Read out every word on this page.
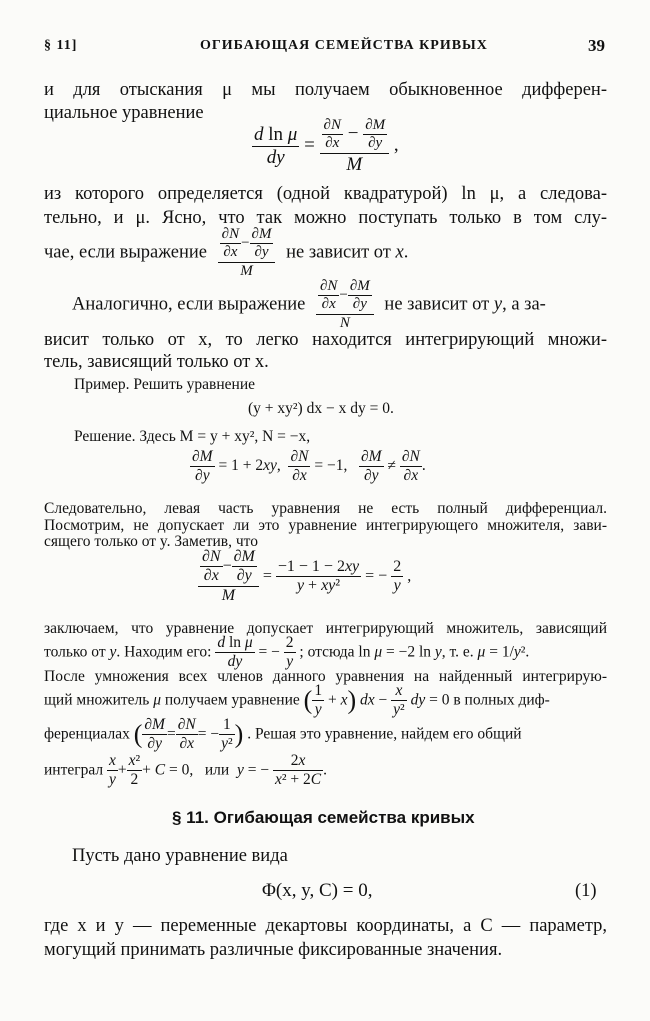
§ 11]	ОГИБАЮЩАЯ СЕМЕЙСТВА КРИВЫХ	39
и для отыскания μ мы получаем обыкновенное дифферен-
циальное уравнение
$\frac{\text{d ln μ}}{dy} = \frac{\frac{\partial N}{\partial x} - \frac{\partial M}{\partial y}}{M}$ ,
из которого определяется (одной квадратурой) ln μ, а следова-
тельно, и μ. Ясно, что так можно поступать только в том слу-
чае, если выражение $\frac{\frac{\partial N}{\partial x} - \frac{\partial M}{\partial y}}{M}$ не зависит от x.
Аналогично, если выражение $\frac{\frac{\partial N}{\partial x} - \frac{\partial M}{\partial y}}{N}$ не зависит от y, а за-
висит только от x, то легко находится интегрирующий множи-
тель, зависящий только от x.
Пример. Решить уравнение
(y + xy²) dx − x dy = 0.
Решение. Здесь M = y + xy², N = −x,
$\frac{\partial M}{\partial y} = 1 + 2xy$, $\frac{\partial N}{\partial x} = -1$, $\frac{\partial M}{\partial y} \ne \frac{\partial N}{\partial x}$ .
Следовательно, левая часть уравнения не есть полный дифференциал.
Посмотрим, не допускает ли это уравнение интегрирующего множителя, зави-
сящего только от y. Заметив, что
$\frac{\frac{\partial N}{\partial x} - \frac{\partial M}{\partial y}}{M} = \frac{-1 - 1 - 2xy}{\text{y + xy²}}$ = − $\frac{2}{y}$ ,
заключаем, что уравнение допускает интегрирующий множитель, зависящий
только от y. Находим его: $\frac{\text{d ln μ}}{dy}$ = − $\frac{2}{y}$ ; отсюда ln μ = −2 ln y, т. е. μ = 1/y².
После умножения всех членов данного уравнения на найденный интегрирую-
щий множитель μ получаем уравнение ( $\frac{1}{y} + x$) dx − $\frac{x}{\text{y²}}$ dy = 0 в полных диф-
ференциалах ( $\frac{\partial M}{\partial y} = \frac{\partial N}{\partial x}$ = − $\frac{1}{\text{y²}}$ ) . Решая это уравнение, найдем его общий
интеграл $\frac{x}{y} + \frac{\text{x²}}{2} + C = 0$,   или  y = − $\frac{2x}{\text{x² + 2C}}$ .
§ 11. Огибающая семейства кривых
Пусть дано уравнение вида
Φ(x, y, C) = 0,	(1)
где x и y — переменные декартовы координаты, а C — параметр,
могущий принимать различные фиксированные значения.
